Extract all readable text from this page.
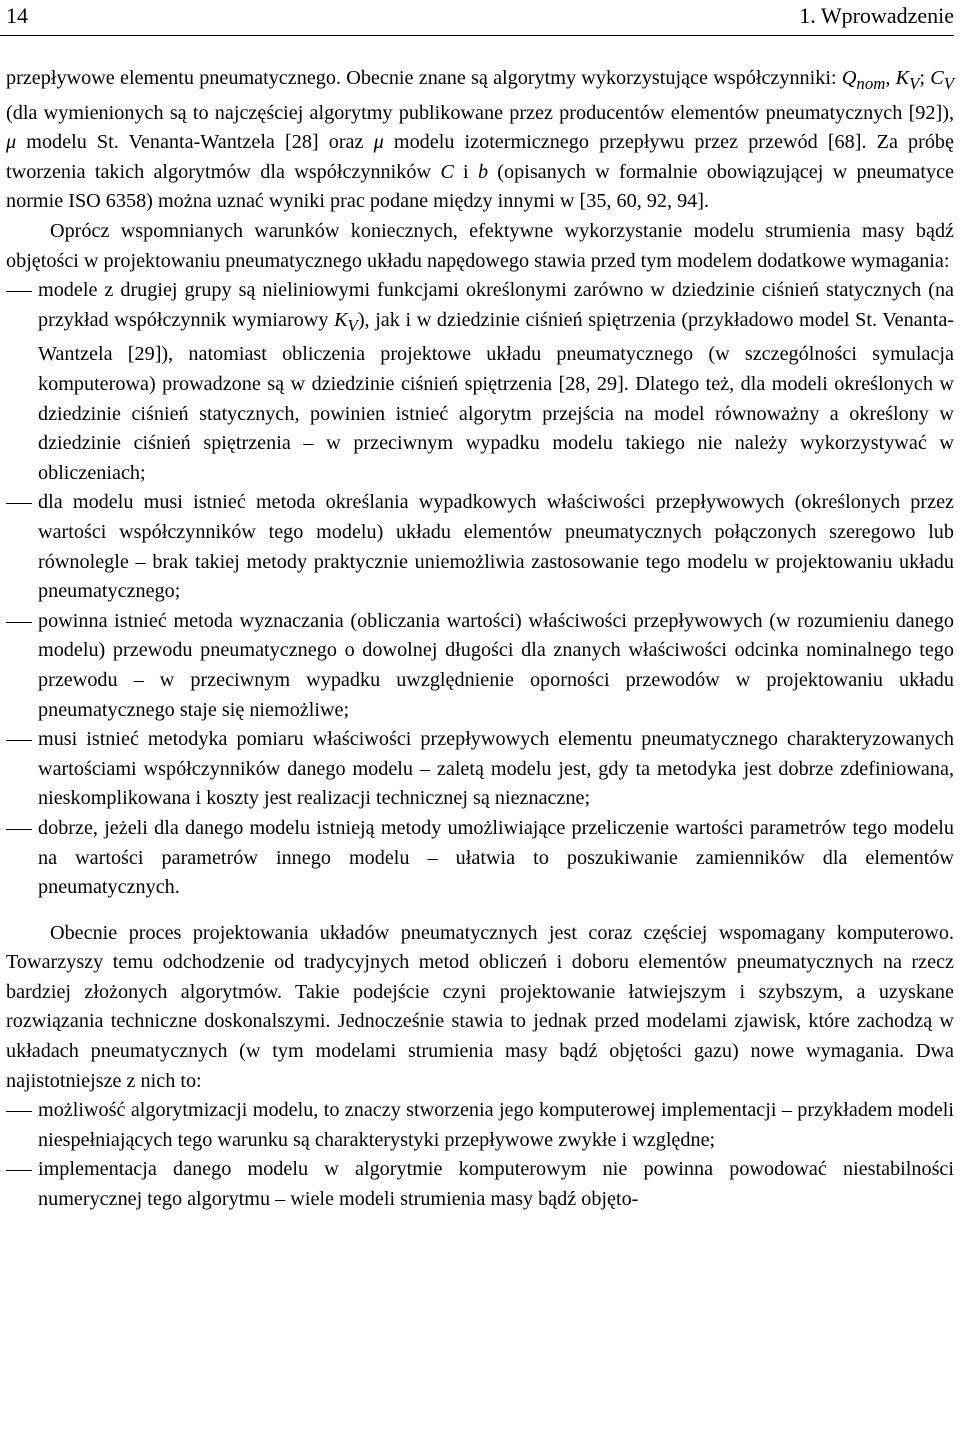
14	1. Wprowadzenie

przepływowe elementu pneumatycznego. Obecnie znane są algorytmy wykorzystujące współczynniki: $Q_{nom}$, $K_V$; $C_V$ (dla wymienionych są to najczęściej algorytmy publikowane przez producentów elementów pneumatycznych [92]), μ modelu St. Venanta-Wantzela [28] oraz μ modelu izotermicznego przepływu przez przewód [68]. Za próbę tworzenia takich algorytmów dla współczynników C i b (opisanych w formalnie obowiązującej w pneumatyce normie ISO 6358) można uznać wyniki prac podane między innymi w [35, 60, 92, 94].

Oprócz wspomnianych warunków koniecznych, efektywne wykorzystanie modelu strumienia masy bądź objętości w projektowaniu pneumatycznego układu napędowego stawia przed tym modelem dodatkowe wymagania:

modele z drugiej grupy są nieliniowymi funkcjami określonymi zarówno w dziedzinie ciśnień statycznych (na przykład współczynnik wymiarowy $K_V$), jak i w dziedzinie ciśnień spiętrzenia (przykładowo model St. Venanta-Wantzela [29]), natomiast obliczenia projektowe układu pneumatycznego (w szczególności symulacja komputerowa) prowadzone są w dziedzinie ciśnień spiętrzenia [28, 29]. Dlatego też, dla modeli określonych w dziedzinie ciśnień statycznych, powinien istnieć algorytm przejścia na model równoważny a określony w dziedzinie ciśnień spiętrzenia – w przeciwnym wypadku modelu takiego nie należy wykorzystywać w obliczeniach;
dla modelu musi istnieć metoda określania wypadkowych właściwości przepływowych (określonych przez wartości współczynników tego modelu) układu elementów pneumatycznych połączonych szeregowo lub równolegle – brak takiej metody praktycznie uniemożliwia zastosowanie tego modelu w projektowaniu układu pneumatycznego;
powinna istnieć metoda wyznaczania (obliczania wartości) właściwości przepływowych (w rozumieniu danego modelu) przewodu pneumatycznego o dowolnej długości dla znanych właściwości odcinka nominalnego tego przewodu – w przeciwnym wypadku uwzględnienie oporności przewodów w projektowaniu układu pneumatycznego staje się niemożliwe;
musi istnieć metodyka pomiaru właściwości przepływowych elementu pneumatycznego charakteryzowanych wartościami współczynników danego modelu – zaletą modelu jest, gdy ta metodyka jest dobrze zdefiniowana, nieskomplikowana i koszty jest realizacji technicznej są nieznaczne;
dobrze, jeżeli dla danego modelu istnieją metody umożliwiające przeliczenie wartości parametrów tego modelu na wartości parametrów innego modelu – ułatwia to poszukiwanie zamienników dla elementów pneumatycznych.

Obecnie proces projektowania układów pneumatycznych jest coraz częściej wspomagany komputerowo. Towarzyszy temu odchodzenie od tradycyjnych metod obliczeń i doboru elementów pneumatycznych na rzecz bardziej złożonych algorytmów. Takie podejście czyni projektowanie łatwiejszym i szybszym, a uzyskane rozwiązania techniczne doskonalszymi. Jednocześnie stawia to jednak przed modelami zjawisk, które zachodzą w układach pneumatycznych (w tym modelami strumienia masy bądź objętości gazu) nowe wymagania. Dwa najistotniejsze z nich to:

możliwość algorytmizacji modelu, to znaczy stworzenia jego komputerowej implementacji – przykładem modeli niespełniających tego warunku są charakterystyki przepływowe zwykłe i względne;
implementacja danego modelu w algorytmie komputerowym nie powinna powodować niestabilności numerycznej tego algorytmu – wiele modeli strumienia masy bądź objęto-
